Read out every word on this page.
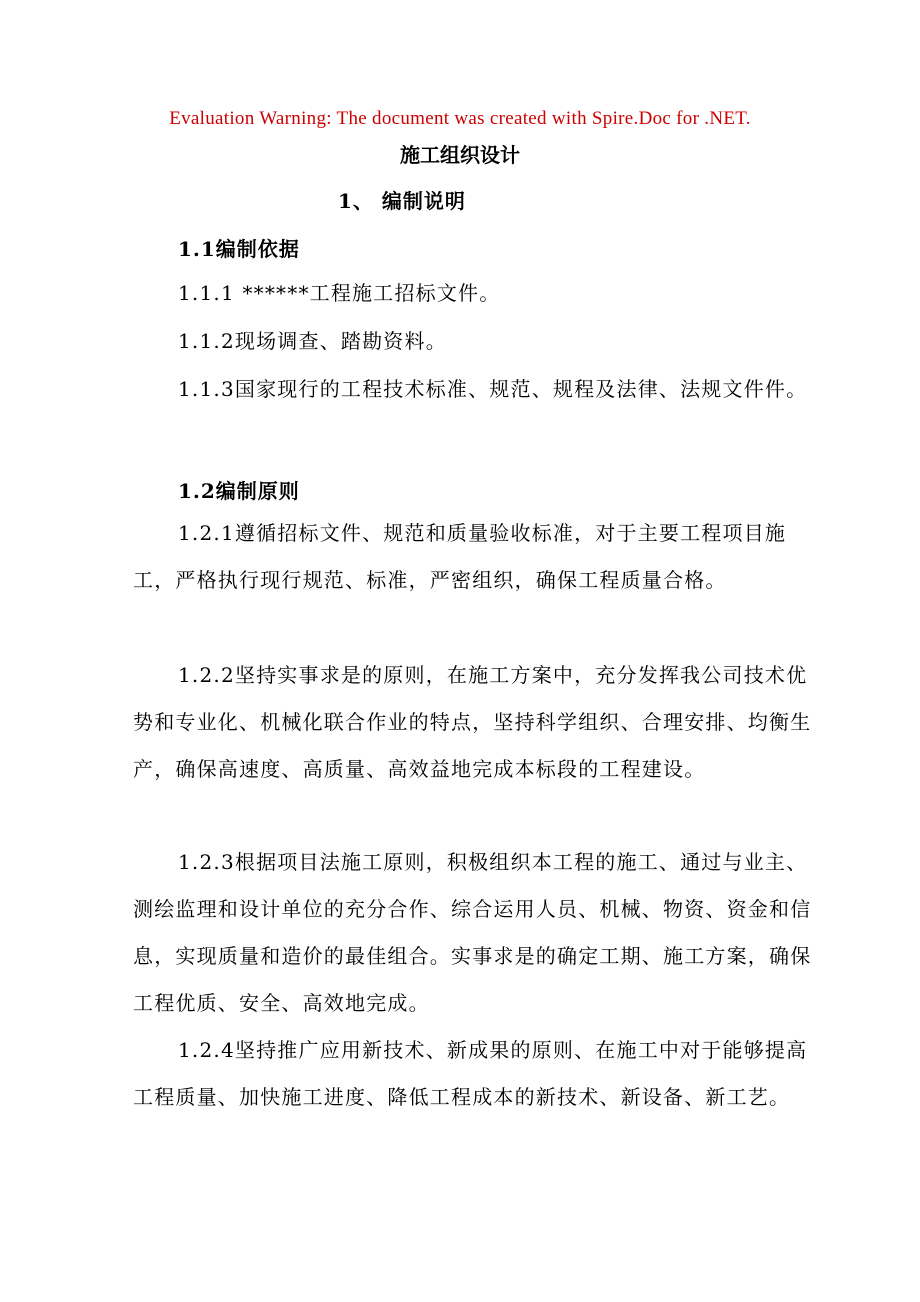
Evaluation Warning: The document was created with Spire.Doc for .NET.
施工组织设计
1、 编制说明
1.1编制依据

1.1.1 ******工程施工招标文件。

1.1.2现场调查、踏勘资料。

1.1.3国家现行的工程技术标准、规范、规程及法律、法规文件件。

1.2编制原则

1.2.1遵循招标文件、规范和质量验收标准，对于主要工程项目施工，严格执行现行规范、标准，严密组织，确保工程质量合格。

1.2.2坚持实事求是的原则，在施工方案中，充分发挥我公司技术优势和专业化、机械化联合作业的特点，坚持科学组织、合理安排、均衡生产，确保高速度、高质量、高效益地完成本标段的工程建设。

1.2.3根据项目法施工原则，积极组织本工程的施工、通过与业主、测绘监理和设计单位的充分合作、综合运用人员、机械、物资、资金和信息，实现质量和造价的最佳组合。实事求是的确定工期、施工方案，确保工程优质、安全、高效地完成。

1.2.4坚持推广应用新技术、新成果的原则、在施工中对于能够提高工程质量、加快施工进度、降低工程成本的新技术、新设备、新工艺。
